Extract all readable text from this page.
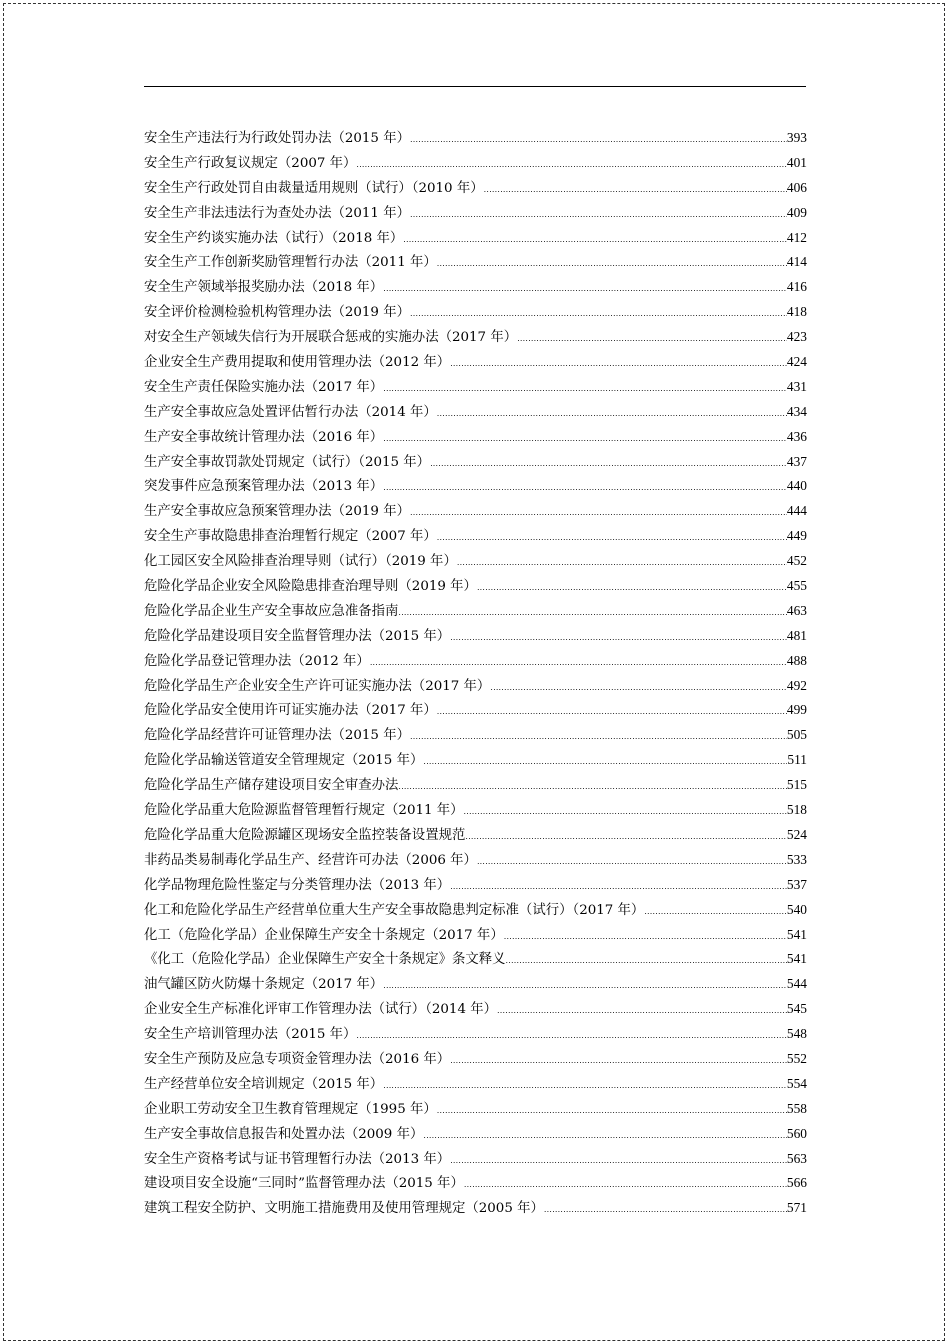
安全生产违法行为行政处罚办法（2015 年） .....	393
安全生产行政复议规定（2007 年） .....	401
安全生产行政处罚自由裁量适用规则（试行）（2010 年） .....	406
安全生产非法违法行为查处办法（2011 年） .....	409
安全生产约谈实施办法（试行）（2018 年） .....	412
安全生产工作创新奖励管理暂行办法（2011 年） .....	414
安全生产领域举报奖励办法（2018 年） .....	416
安全评价检测检验机构管理办法（2019 年） .....	418
对安全生产领域失信行为开展联合惩戒的实施办法（2017 年） .....	423
企业安全生产费用提取和使用管理办法（2012 年） .....	424
安全生产责任保险实施办法（2017 年） .....	431
生产安全事故应急处置评估暂行办法（2014 年） .....	434
生产安全事故统计管理办法（2016 年） .....	436
生产安全事故罚款处罚规定（试行）（2015 年） .....	437
突发事件应急预案管理办法（2013 年） .....	440
生产安全事故应急预案管理办法（2019 年） .....	444
安全生产事故隐患排查治理暂行规定（2007 年） .....	449
化工园区安全风险排查治理导则（试行）（2019 年） .....	452
危险化学品企业安全风险隐患排查治理导则（2019 年） .....	455
危险化学品企业生产安全事故应急准备指南 .....	463
危险化学品建设项目安全监督管理办法（2015 年） .....	481
危险化学品登记管理办法（2012 年） .....	488
危险化学品生产企业安全生产许可证实施办法（2017 年） .....	492
危险化学品安全使用许可证实施办法（2017 年） .....	499
危险化学品经营许可证管理办法（2015 年） .....	505
危险化学品输送管道安全管理规定（2015 年） .....	511
危险化学品生产储存建设项目安全审查办法 .....	515
危险化学品重大危险源监督管理暂行规定（2011 年） .....	518
危险化学品重大危险源罐区现场安全监控装备设置规范 .....	524
非药品类易制毒化学品生产、经营许可办法（2006 年） .....	533
化学品物理危险性鉴定与分类管理办法（2013 年） .....	537
化工和危险化学品生产经营单位重大生产安全事故隐患判定标准（试行）（2017 年） .....	540
化工（危险化学品）企业保障生产安全十条规定（2017 年） .....	541
《化工（危险化学品）企业保障生产安全十条规定》条文释义 .....	541
油气罐区防火防爆十条规定（2017 年） .....	544
企业安全生产标准化评审工作管理办法（试行）（2014 年） .....	545
安全生产培训管理办法（2015 年） .....	548
安全生产预防及应急专项资金管理办法（2016 年） .....	552
生产经营单位安全培训规定（2015 年） .....	554
企业职工劳动安全卫生教育管理规定（1995 年） .....	558
生产安全事故信息报告和处置办法（2009 年） .....	560
安全生产资格考试与证书管理暂行办法（2013 年） .....	563
建设项目安全设施“三同时”监督管理办法（2015 年） .....	566
建筑工程安全防护、文明施工措施费用及使用管理规定（2005 年） .....	571
